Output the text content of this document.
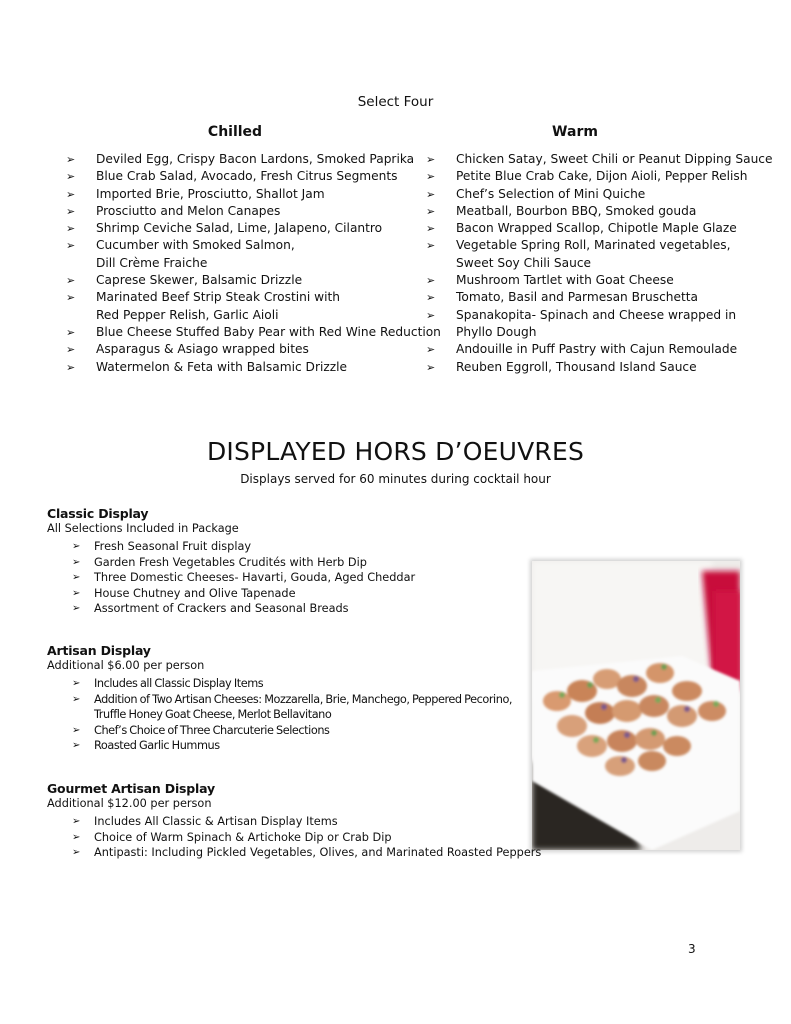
Select Four
Chilled	Warm
➢ Deviled Egg, Crispy Bacon Lardons, Smoked Paprika
➢ Blue Crab Salad, Avocado, Fresh Citrus Segments
➢ Imported Brie, Prosciutto, Shallot Jam
➢ Prosciutto and Melon Canapes
➢ Shrimp Ceviche Salad, Lime, Jalapeno, Cilantro
➢ Cucumber with Smoked Salmon,
Dill Crème Fraiche
➢ Caprese Skewer, Balsamic Drizzle
➢ Marinated Beef Strip Steak Crostini with
Red Pepper Relish, Garlic Aioli
➢ Blue Cheese Stuffed Baby Pear with Red Wine Reduction
➢ Asparagus & Asiago wrapped bites
➢ Watermelon & Feta with Balsamic Drizzle
➢ Chicken Satay, Sweet Chili or Peanut Dipping Sauce
➢ Petite Blue Crab Cake, Dijon Aioli, Pepper Relish
➢ Chef’s Selection of Mini Quiche
➢ Meatball, Bourbon BBQ, Smoked gouda
➢ Bacon Wrapped Scallop, Chipotle Maple Glaze
➢ Vegetable Spring Roll, Marinated vegetables,
Sweet Soy Chili Sauce
➢ Mushroom Tartlet with Goat Cheese
➢ Tomato, Basil and Parmesan Bruschetta
➢ Spanakopita- Spinach and Cheese wrapped in
Phyllo Dough
➢ Andouille in Puff Pastry with Cajun Remoulade
➢ Reuben Eggroll, Thousand Island Sauce
DISPLAYED HORS D’OEUVRES
Displays served for 60 minutes during cocktail hour
Classic Display
All Selections Included in Package
➢ Fresh Seasonal Fruit display
➢ Garden Fresh Vegetables Crudités with Herb Dip
➢ Three Domestic Cheeses- Havarti, Gouda, Aged Cheddar
➢ House Chutney and Olive Tapenade
➢ Assortment of Crackers and Seasonal Breads
Artisan Display
Additional $6.00 per person
➢ Includes all Classic Display Items
➢ Addition of Two Artisan Cheeses: Mozzarella, Brie, Manchego, Peppered Pecorino,
Truffle Honey Goat Cheese, Merlot Bellavitano
➢ Chef’s Choice of Three Charcuterie Selections
➢ Roasted Garlic Hummus
Gourmet Artisan Display
Additional $12.00 per person
➢ Includes All Classic & Artisan Display Items
➢ Choice of Warm Spinach & Artichoke Dip or Crab Dip
➢ Antipasti: Including Pickled Vegetables, Olives, and Marinated Roasted Peppers
3
